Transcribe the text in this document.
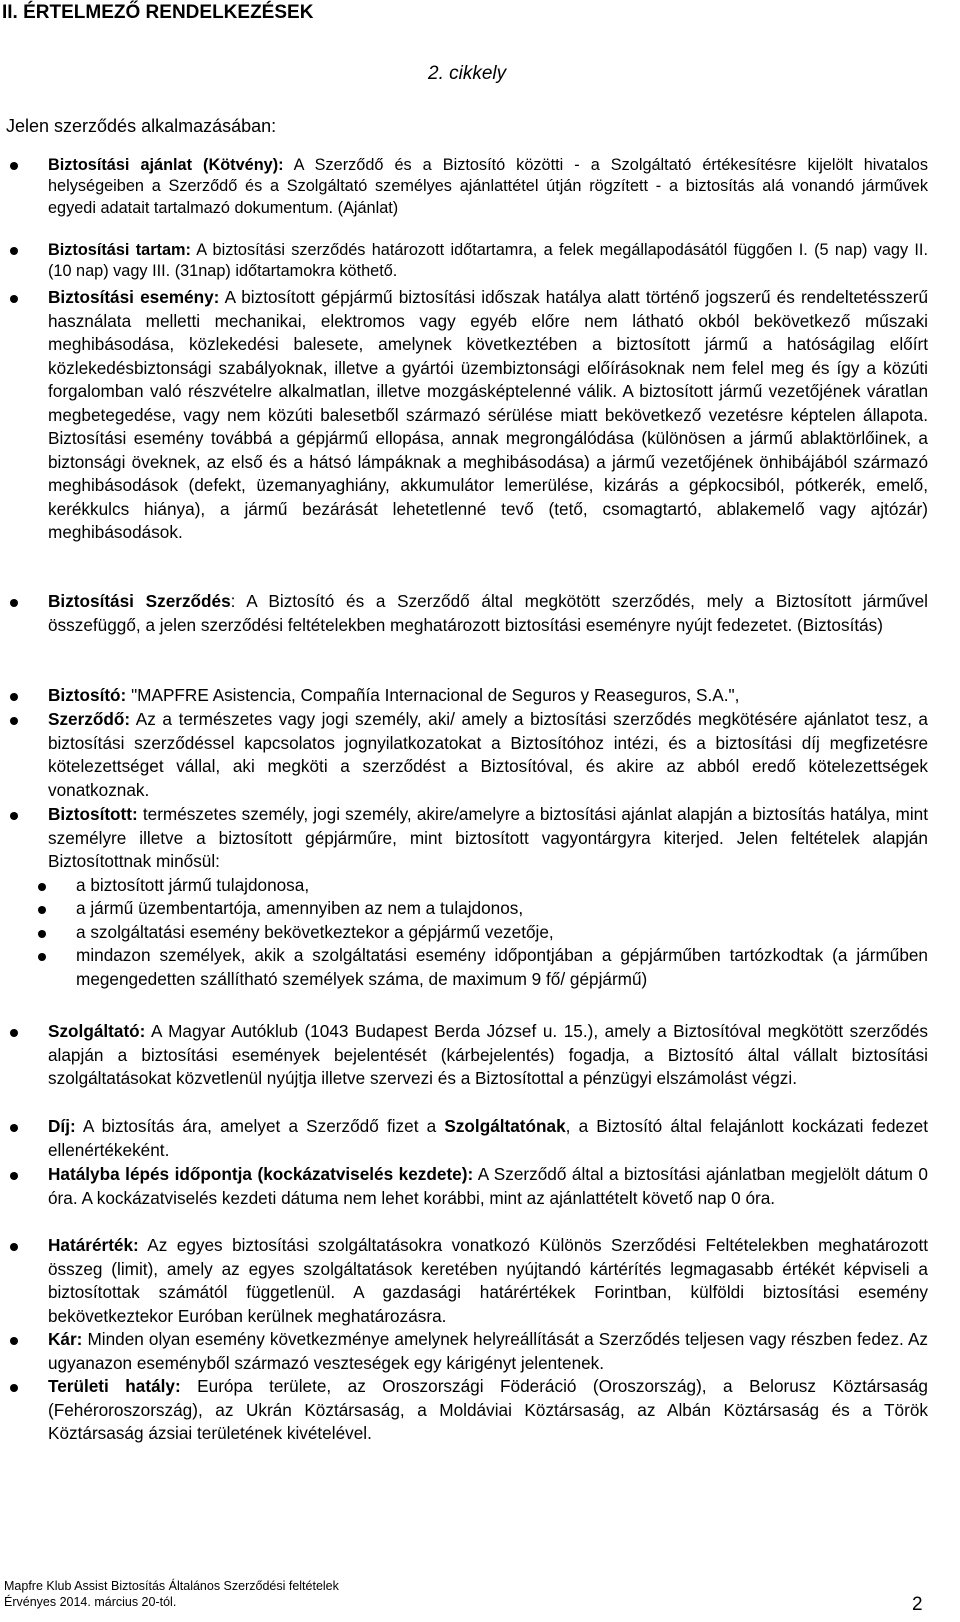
II. ÉRTELMEZŐ RENDELKEZÉSEK

2. cikkely

Jelen szerződés alkalmazásában:

Biztosítási ajánlat (Kötvény): A Szerződő és a Biztosító közötti - a Szolgáltató értékesítésre kijelölt hivatalos helységeiben a Szerződő és a Szolgáltató személyes ajánlattétel útján rögzített - a biztosítás alá vonandó járművek egyedi adatait tartalmazó dokumentum. (Ajánlat)

Biztosítási tartam: A biztosítási szerződés határozott időtartamra, a felek megállapodásától függően I. (5 nap) vagy II. (10 nap) vagy III. (31nap) időtartamokra köthető.

Biztosítási esemény: A biztosított gépjármű biztosítási időszak hatálya alatt történő jogszerű és rendeltetésszerű használata melletti mechanikai, elektromos vagy egyéb előre nem látható okból bekövetkező műszaki meghibásodása, közlekedési balesete, amelynek következtében a biztosított jármű a hatóságilag előírt közlekedésbiztonsági szabályoknak, illetve a gyártói üzembiztonsági előírásoknak nem felel meg és így a közúti forgalomban való részvételre alkalmatlan, illetve mozgásképtelenné válik. A biztosított jármű vezetőjének váratlan megbetegedése, vagy nem közúti balesetből származó sérülése miatt bekövetkező vezetésre képtelen állapota. Biztosítási esemény továbbá a gépjármű ellopása, annak megrongálódása (különösen a jármű ablaktörlőinek, a biztonsági öveknek, az első és a hátsó lámpáknak a meghibásodása) a jármű vezetőjének önhibájából származó meghibásodások (defekt, üzemanyaghiány, akkumulátor lemerülése, kizárás a gépkocsiból, pótkerék, emelő, kerékkulcs hiánya), a jármű bezárását lehetetlenné tevő (tető, csomagtartó, ablakemelő vagy ajtózár) meghibásodások.

Biztosítási Szerződés: A Biztosító és a Szerződő által megkötött szerződés, mely a Biztosított járművel összefüggő, a jelen szerződési feltételekben meghatározott biztosítási eseményre nyújt fedezetet. (Biztosítás)

Biztosító: "MAPFRE Asistencia, Compañía Internacional de Seguros y Reaseguros, S.A.",

Szerződő: Az a természetes vagy jogi személy, aki/ amely a biztosítási szerződés megkötésére ajánlatot tesz, a biztosítási szerződéssel kapcsolatos jognyilatkozatokat a Biztosítóhoz intézi, és a biztosítási díj megfizetésre kötelezettséget vállal, aki megköti a szerződést a Biztosítóval, és akire az abból eredő kötelezettségek vonatkoznak.

Biztosított: természetes személy, jogi személy, akire/amelyre a biztosítási ajánlat alapján a biztosítás hatálya, mint személyre illetve a biztosított gépjárműre, mint biztosított vagyontárgyra kiterjed. Jelen feltételek alapján Biztosítottnak minősül:
a biztosított jármű tulajdonosa,
a jármű üzembentartója, amennyiben az nem a tulajdonos,
a szolgáltatási esemény bekövetkeztekor a gépjármű vezetője,
mindazon személyek, akik a szolgáltatási esemény időpontjában a gépjárműben tartózkodtak (a járműben megengedetten szállítható személyek száma, de maximum 9 fő/ gépjármű)

Szolgáltató: A Magyar Autóklub (1043 Budapest Berda József u. 15.), amely a Biztosítóval megkötött szerződés alapján a biztosítási események bejelentését (kárbejelentés) fogadja, a Biztosító által vállalt biztosítási szolgáltatásokat közvetlenül nyújtja illetve szervezi és a Biztosítottal a pénzügyi elszámolást végzi.

Díj: A biztosítás ára, amelyet a Szerződő fizet a Szolgáltatónak, a Biztosító által felajánlott kockázati fedezet ellenértékeként.

Hatályba lépés időpontja (kockázatviselés kezdete): A Szerződő által a biztosítási ajánlatban megjelölt dátum 0 óra. A kockázatviselés kezdeti dátuma nem lehet korábbi, mint az ajánlattételt követő nap 0 óra.

Határérték: Az egyes biztosítási szolgáltatásokra vonatkozó Különös Szerződési Feltételekben meghatározott összeg (limit), amely az egyes szolgáltatások keretében nyújtandó kártérítés legmagasabb értékét képviseli a biztosítottak számától függetlenül. A gazdasági határértékek Forintban, külföldi biztosítási esemény bekövetkeztekor Euróban kerülnek meghatározásra.

Kár: Minden olyan esemény következménye amelynek helyreállítását a Szerződés teljesen vagy részben fedez. Az ugyanazon eseményből származó veszteségek egy kárigényt jelentenek.

Területi hatály: Európa területe, az Oroszországi Föderáció (Oroszország), a Belorusz Köztársaság (Fehéroroszország), az Ukrán Köztársaság, a Moldáviai Köztársaság, az Albán Köztársaság és a Török Köztársaság ázsiai területének kivételével.

Mapfre Klub Assist Biztosítás Általános Szerződési feltételek
Érvényes 2014. március 20-tól.	2
